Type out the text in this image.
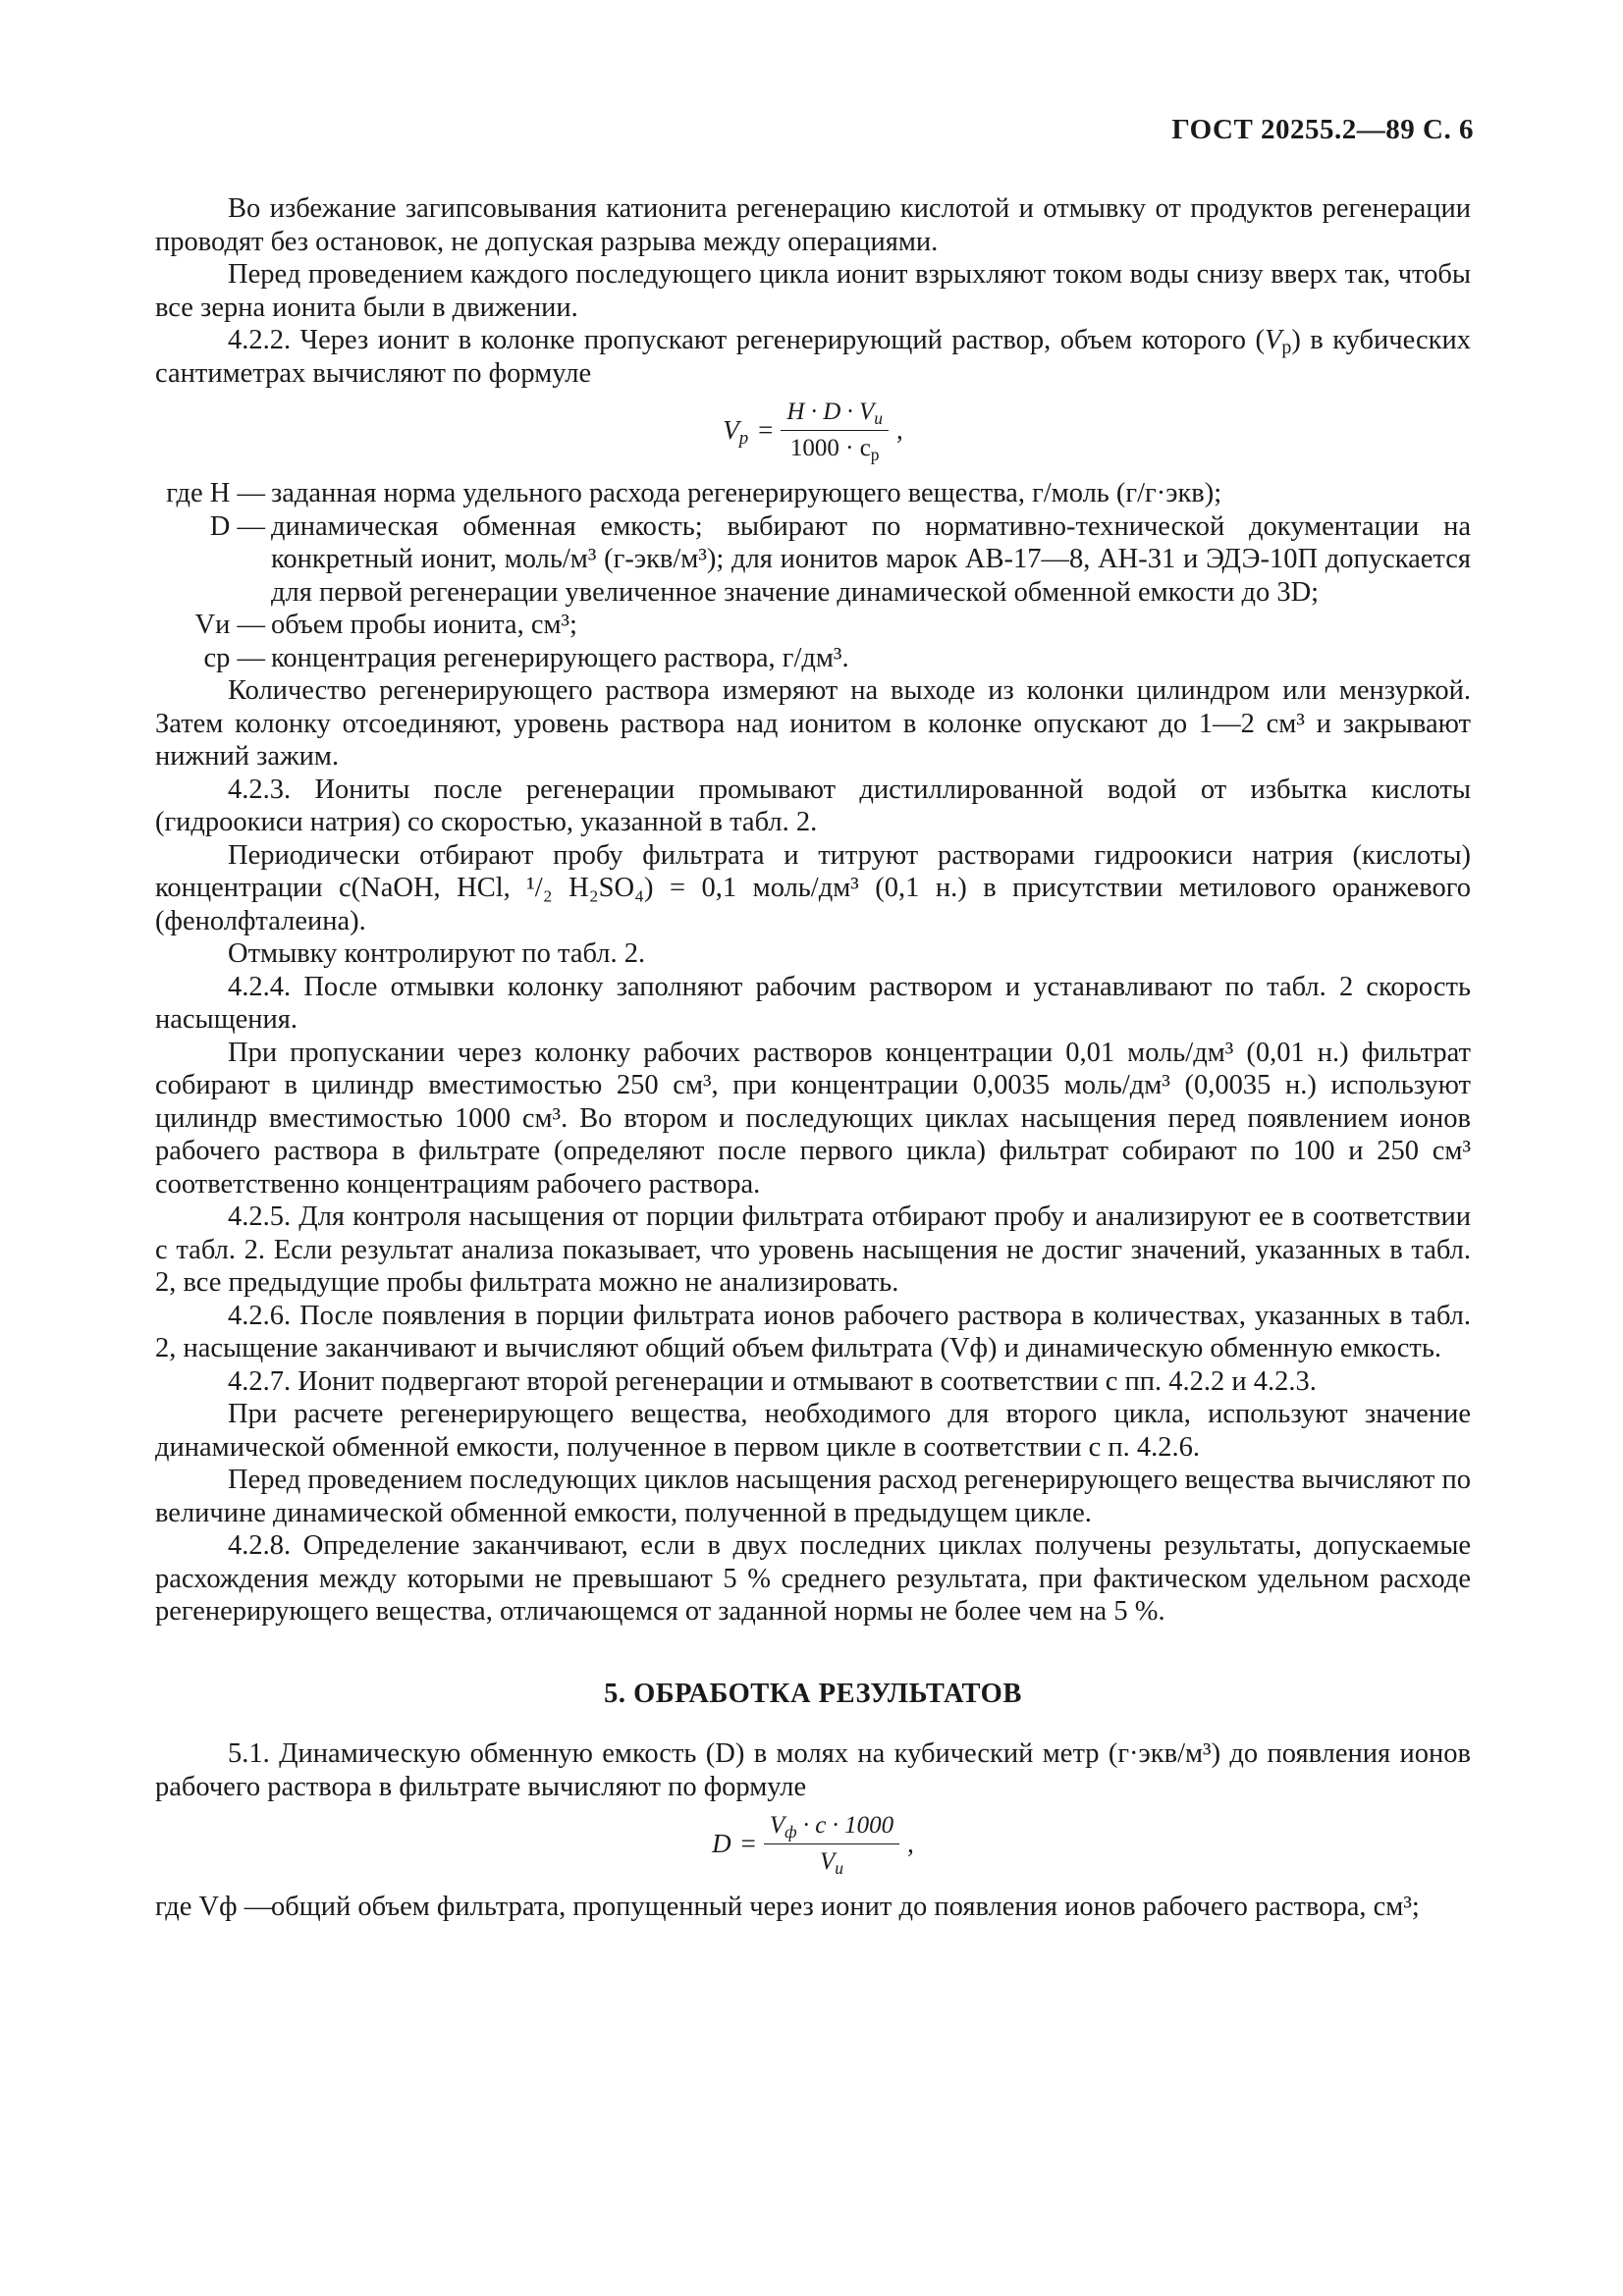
ГОСТ 20255.2—89 С. 6

Во избежание загипсовывания катионита регенерацию кислотой и отмывку от продуктов регенерации проводят без остановок, не допуская разрыва между операциями.

Перед проведением каждого последующего цикла ионит взрыхляют током воды снизу вверх так, чтобы все зерна ионита были в движении.

4.2.2. Через ионит в колонке пропускают регенерирующий раствор, объем которого $(V_р)$ в кубических сантиметрах вычисляют по формуле

$V_р = \frac{H \cdot D \cdot V_и}{1000 \cdot c_р}$ ,
где H — заданная норма удельного расхода регенерирующего вещества, г/моль (г/г·экв);
D — динамическая обменная емкость; выбирают по нормативно-технической документации на конкретный ионит, моль/м³ (г-экв/м³); для ионитов марок АВ-17—8, АН-31 и ЭДЭ-10П допускается для первой регенерации увеличенное значение динамической обменной емкости до 3D;
Vи — объем пробы ионита, см³;
cр — концентрация регенерирующего раствора, г/дм³.

Количество регенерирующего раствора измеряют на выходе из колонки цилиндром или мензуркой. Затем колонку отсоединяют, уровень раствора над ионитом в колонке опускают до 1—2 см³ и закрывают нижний зажим.

4.2.3. Иониты после регенерации промывают дистиллированной водой от избытка кислоты (гидроокиси натрия) со скоростью, указанной в табл. 2.

Периодически отбирают пробу фильтрата и титруют растворами гидроокиси натрия (кислоты) концентрации c(NaOH, HCl, ¹/₂ H₂SO₄) = 0,1 моль/дм³ (0,1 н.) в присутствии метилового оранжевого (фенолфталеина).

Отмывку контролируют по табл. 2.

4.2.4. После отмывки колонку заполняют рабочим раствором и устанавливают по табл. 2 скорость насыщения.

При пропускании через колонку рабочих растворов концентрации 0,01 моль/дм³ (0,01 н.) фильтрат собирают в цилиндр вместимостью 250 см³, при концентрации 0,0035 моль/дм³ (0,0035 н.) используют цилиндр вместимостью 1000 см³. Во втором и последующих циклах насыщения перед появлением ионов рабочего раствора в фильтрате (определяют после первого цикла) фильтрат собирают по 100 и 250 см³ соответственно концентрациям рабочего раствора.

4.2.5. Для контроля насыщения от порции фильтрата отбирают пробу и анализируют ее в соответствии с табл. 2. Если результат анализа показывает, что уровень насыщения не достиг значений, указанных в табл. 2, все предыдущие пробы фильтрата можно не анализировать.

4.2.6. После появления в порции фильтрата ионов рабочего раствора в количествах, указанных в табл. 2, насыщение заканчивают и вычисляют общий объем фильтрата (Vф) и динамическую обменную емкость.

4.2.7. Ионит подвергают второй регенерации и отмывают в соответствии с пп. 4.2.2 и 4.2.3.

При расчете регенерирующего вещества, необходимого для второго цикла, используют значение динамической обменной емкости, полученное в первом цикле в соответствии с п. 4.2.6.

Перед проведением последующих циклов насыщения расход регенерирующего вещества вычисляют по величине динамической обменной емкости, полученной в предыдущем цикле.

4.2.8. Определение заканчивают, если в двух последних циклах получены результаты, допускаемые расхождения между которыми не превышают 5 % среднего результата, при фактическом удельном расходе регенерирующего вещества, отличающемся от заданной нормы не более чем на 5 %.

5. ОБРАБОТКА РЕЗУЛЬТАТОВ

5.1. Динамическую обменную емкость (D) в молях на кубический метр (г·экв/м³) до появления ионов рабочего раствора в фильтрате вычисляют по формуле

$D = \frac{V_ф \cdot c \cdot 1000}{V_и}$ ,
где Vф —
общий объем фильтрата, пропущенный через ионит до появления ионов рабочего раствора, см³;
